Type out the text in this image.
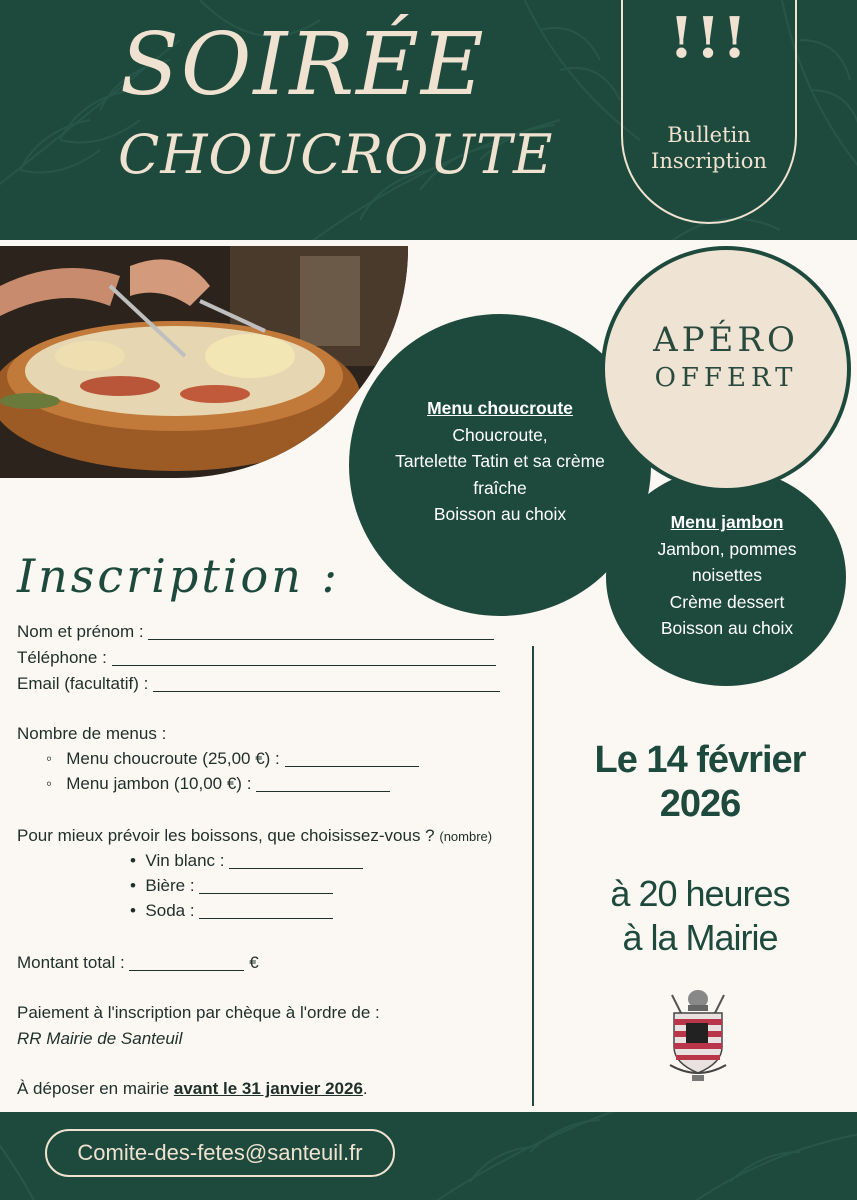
SOIRÉE
CHOUCROUTE
!!!
Bulletin
Inscription
Menu choucroute
Choucroute,
Tartelette Tatin et sa crème
fraîche
Boisson au choix
APÉRO
OFFERT
Menu jambon
Jambon, pommes
noisettes
Crème dessert
Boisson au choix
Inscription :
Nom et prénom :
Téléphone :
Email (facultatif) :
Nombre de menus :
◦ Menu choucroute (25,00 €) :
◦ Menu jambon (10,00 €) :
Pour mieux prévoir les boissons, que choisissez-vous ? (nombre)
• Vin blanc :
• Bière :
• Soda :
Montant total :	€
Paiement à l'inscription par chèque à l'ordre de :
RR Mairie de Santeuil
À déposer en mairie avant le 31 janvier 2026.
Le 14 février
2026
à 20 heures
à la Mairie
Comite-des-fetes@santeuil.fr
